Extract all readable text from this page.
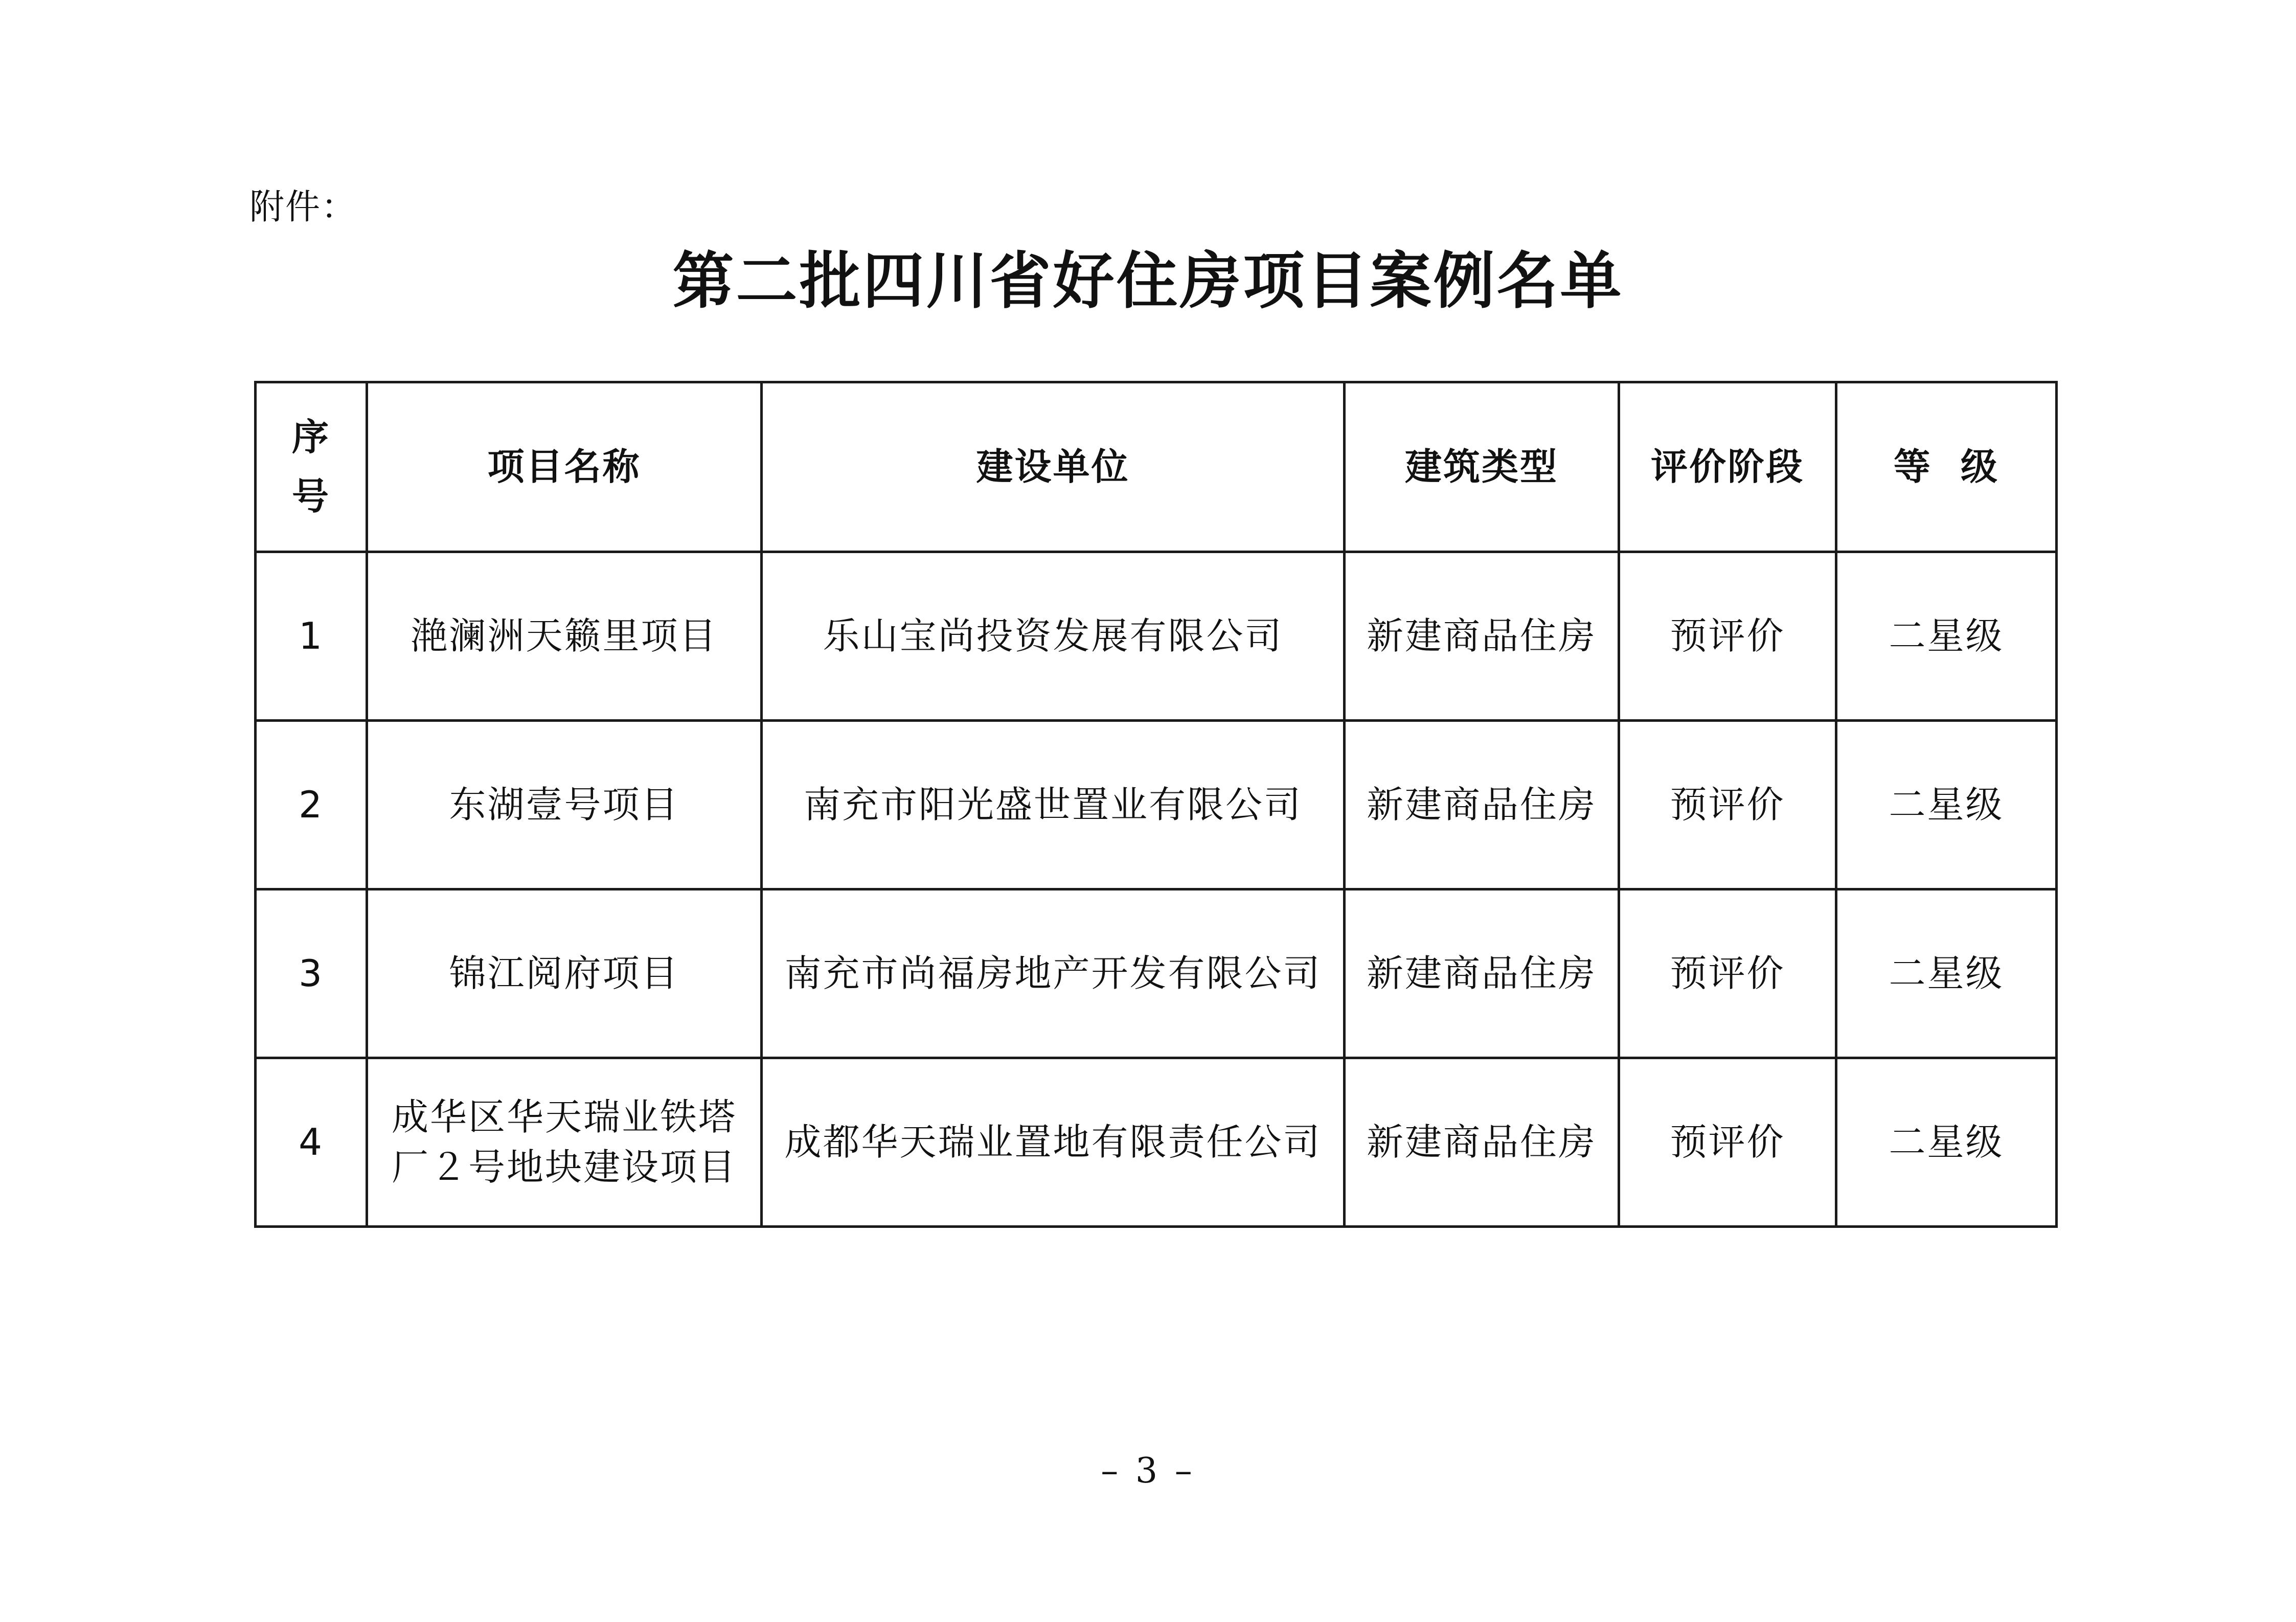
附件：
第二批四川省好住房项目案例名单
序
号	项目名称	建设单位	建筑类型	评价阶段	等  级
1	滟澜洲天籁里项目	乐山宝尚投资发展有限公司	新建商品住房	预评价	二星级
2	东湖壹号项目	南充市阳光盛世置业有限公司	新建商品住房	预评价	二星级
3	锦江阅府项目	南充市尚福房地产开发有限公司	新建商品住房	预评价	二星级
4	成华区华天瑞业铁塔厂２号地块建设项目	成都华天瑞业置地有限责任公司	新建商品住房	预评价	二星级
– 3 –
